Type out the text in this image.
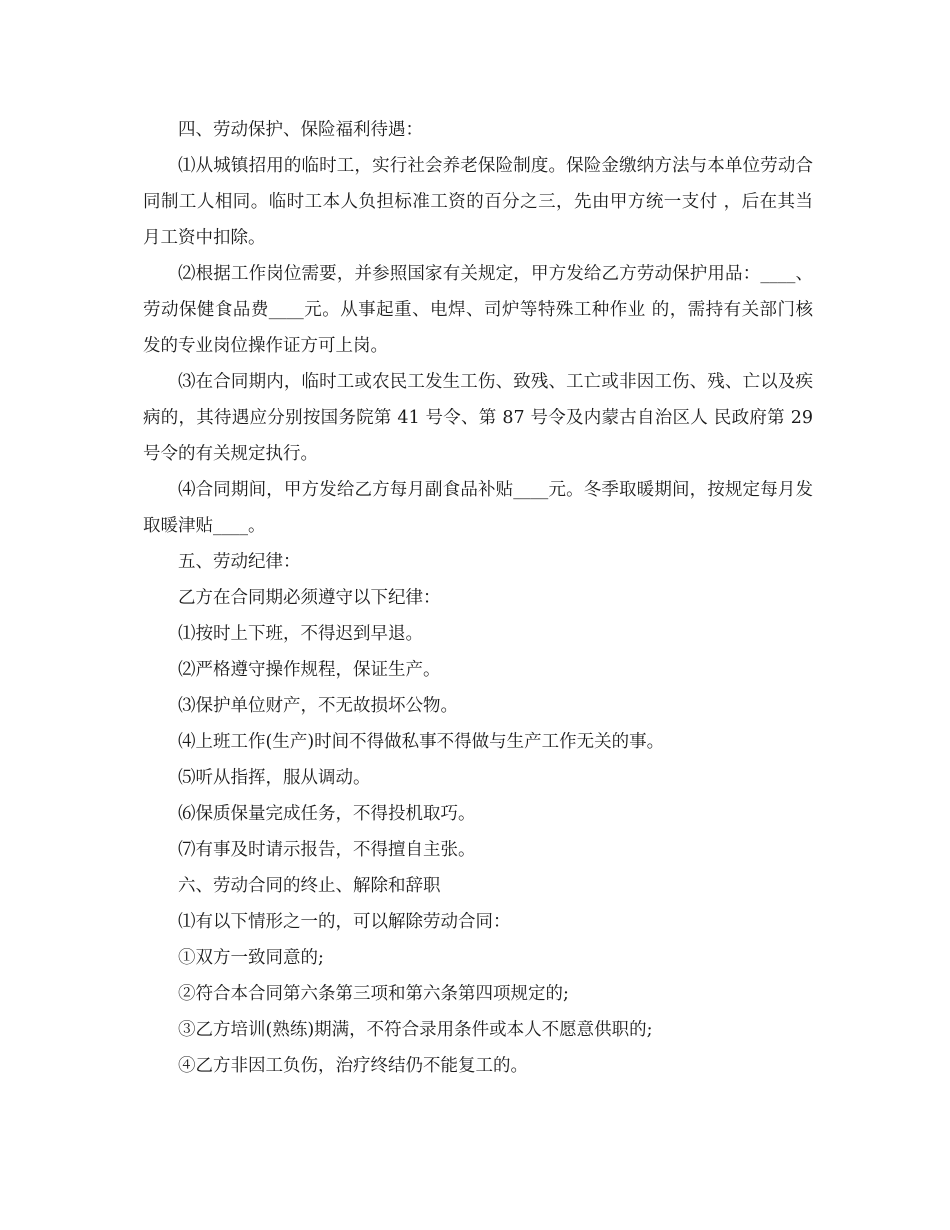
四、劳动保护、保险福利待遇：

⑴从城镇招用的临时工，实行社会养老保险制度。保险金缴纳方法与本单位劳动合同制工人相同。临时工本人负担标准工资的百分之三，先由甲方统一支付 ，后在其当月工资中扣除。

⑵根据工作岗位需要，并参照国家有关规定，甲方发给乙方劳动保护用品：____、劳动保健食品费____元。从事起重、电焊、司炉等特殊工种作业 的，需持有关部门核发的专业岗位操作证方可上岗。

⑶在合同期内，临时工或农民工发生工伤、致残、工亡或非因工伤、残、亡以及疾病的，其待遇应分别按国务院第 41 号令、第 87 号令及内蒙古自治区人 民政府第 29 号令的有关规定执行。

⑷合同期间，甲方发给乙方每月副食品补贴____元。冬季取暖期间，按规定每月发取暖津贴____。

五、劳动纪律：

乙方在合同期必须遵守以下纪律：

⑴按时上下班，不得迟到早退。

⑵严格遵守操作规程，保证生产。

⑶保护单位财产，不无故损坏公物。

⑷上班工作(生产)时间不得做私事不得做与生产工作无关的事。

⑸听从指挥，服从调动。

⑹保质保量完成任务，不得投机取巧。

⑺有事及时请示报告，不得擅自主张。

六、劳动合同的终止、解除和辞职

⑴有以下情形之一的，可以解除劳动合同：

①双方一致同意的;

②符合本合同第六条第三项和第六条第四项规定的;

③乙方培训(熟练)期满，不符合录用条件或本人不愿意供职的;

④乙方非因工负伤，治疗终结仍不能复工的。
